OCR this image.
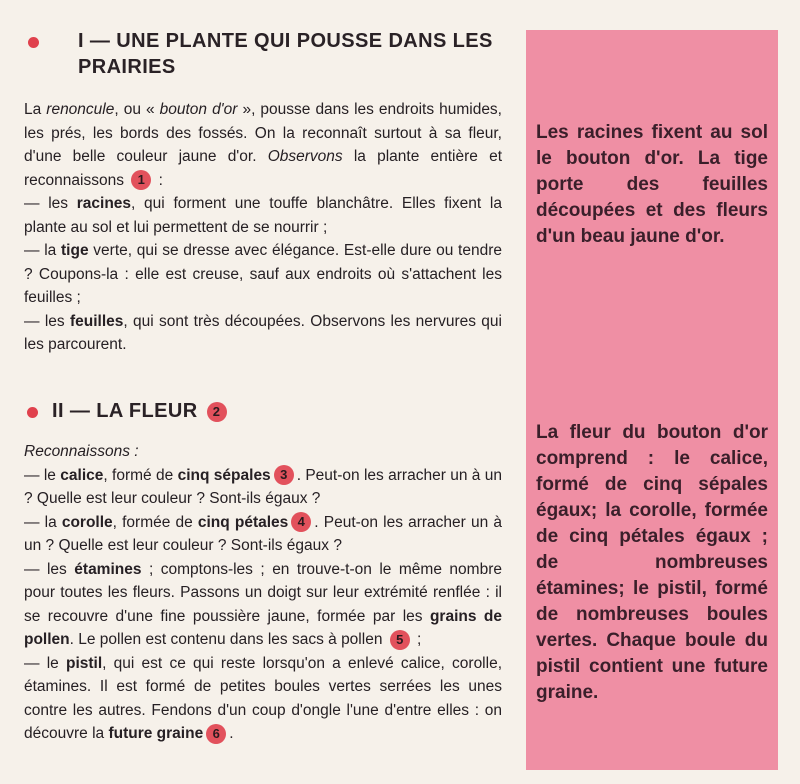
I — UNE PLANTE QUI POUSSE DANS LES
PRAIRIES

La renoncule, ou « bouton d'or », pousse dans les endroits humides, les prés, les bords des fossés. On la reconnaît surtout à sa fleur, d'une belle couleur jaune d'or. Observons la plante entière et reconnaissons 1 :

— les racines, qui forment une touffe blanchâtre. Elles fixent la plante au sol et lui permettent de se nourrir ;

— la tige verte, qui se dresse avec élégance. Est-elle dure ou tendre ? Coupons-la : elle est creuse, sauf aux endroits où s'attachent les feuilles ;

— les feuilles, qui sont très découpées. Observons les nervures qui les parcourent.

II — LA FLEUR 2

Reconnaissons :

— le calice, formé de cinq sépales 3 . Peut-on les arracher un à un ? Quelle est leur couleur ? Sont-ils égaux ?

— la corolle, formée de cinq pétales 4 . Peut-on les arracher un à un ? Quelle est leur couleur ? Sont-ils égaux ?

— les étamines ; comptons-les ; en trouve-t-on le même nombre pour toutes les fleurs. Passons un doigt sur leur extrémité renflée : il se recouvre d'une fine poussière jaune, formée par les grains de pollen. Le pollen est contenu dans les sacs à pollen 5 ;

— le pistil, qui est ce qui reste lorsqu'on a enlevé calice, corolle, étamines. Il est formé de petites boules vertes serrées les unes contre les autres. Fendons d'un coup d'ongle l'une d'entre elles : on découvre la future graine 6 .

Les racines fixent au sol le bouton d'or. La tige porte des feuilles découpées et des fleurs d'un beau jaune d'or.
La fleur du bouton d'or comprend : le calice, formé de cinq sépales égaux; la corolle, formée de cinq pétales égaux ; de nombreuses étamines; le pistil, formé de nombreuses boules vertes. Chaque boule du pistil contient une future graine.
